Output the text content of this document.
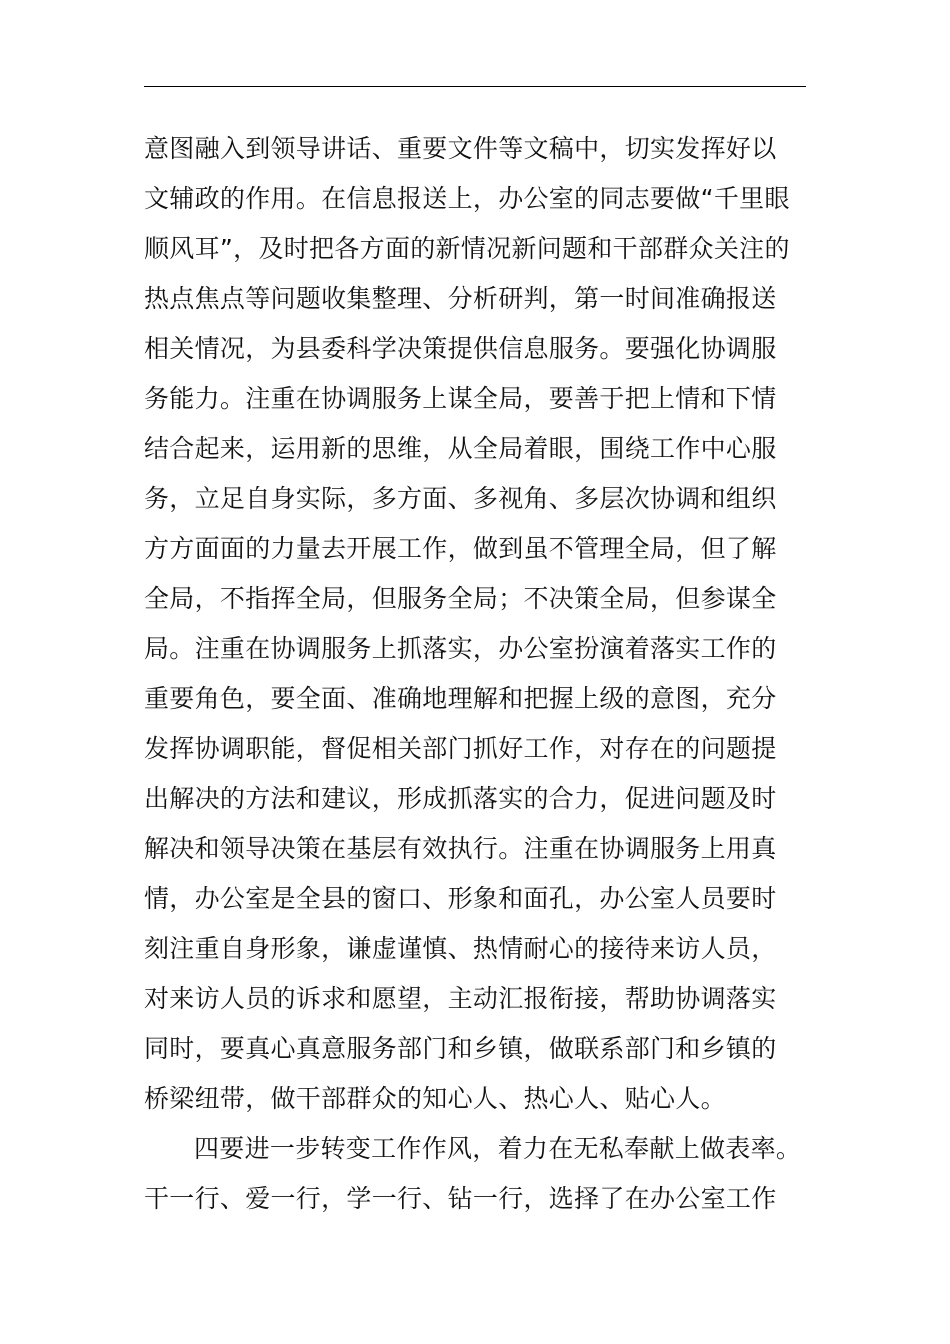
意图融入到领导讲话、重要文件等文稿中，切实发挥好以
文辅政的作用。在信息报送上，办公室的同志要做“千里眼
顺风耳”，及时把各方面的新情况新问题和干部群众关注的
热点焦点等问题收集整理、分析研判，第一时间准确报送
相关情况，为县委科学决策提供信息服务。要强化协调服
务能力。注重在协调服务上谋全局，要善于把上情和下情
结合起来，运用新的思维，从全局着眼，围绕工作中心服
务，立足自身实际，多方面、多视角、多层次协调和组织
方方面面的力量去开展工作，做到虽不管理全局，但了解
全局，不指挥全局，但服务全局；不决策全局，但参谋全
局。注重在协调服务上抓落实，办公室扮演着落实工作的
重要角色，要全面、准确地理解和把握上级的意图，充分
发挥协调职能，督促相关部门抓好工作，对存在的问题提
出解决的方法和建议，形成抓落实的合力，促进问题及时
解决和领导决策在基层有效执行。注重在协调服务上用真
情，办公室是全县的窗口、形象和面孔，办公室人员要时
刻注重自身形象，谦虚谨慎、热情耐心的接待来访人员，
对来访人员的诉求和愿望，主动汇报衔接，帮助协调落实
同时，要真心真意服务部门和乡镇，做联系部门和乡镇的
桥梁纽带，做干部群众的知心人、热心人、贴心人。
四要进一步转变工作作风，着力在无私奉献上做表率。
干一行、爱一行，学一行、钻一行，选择了在办公室工作
